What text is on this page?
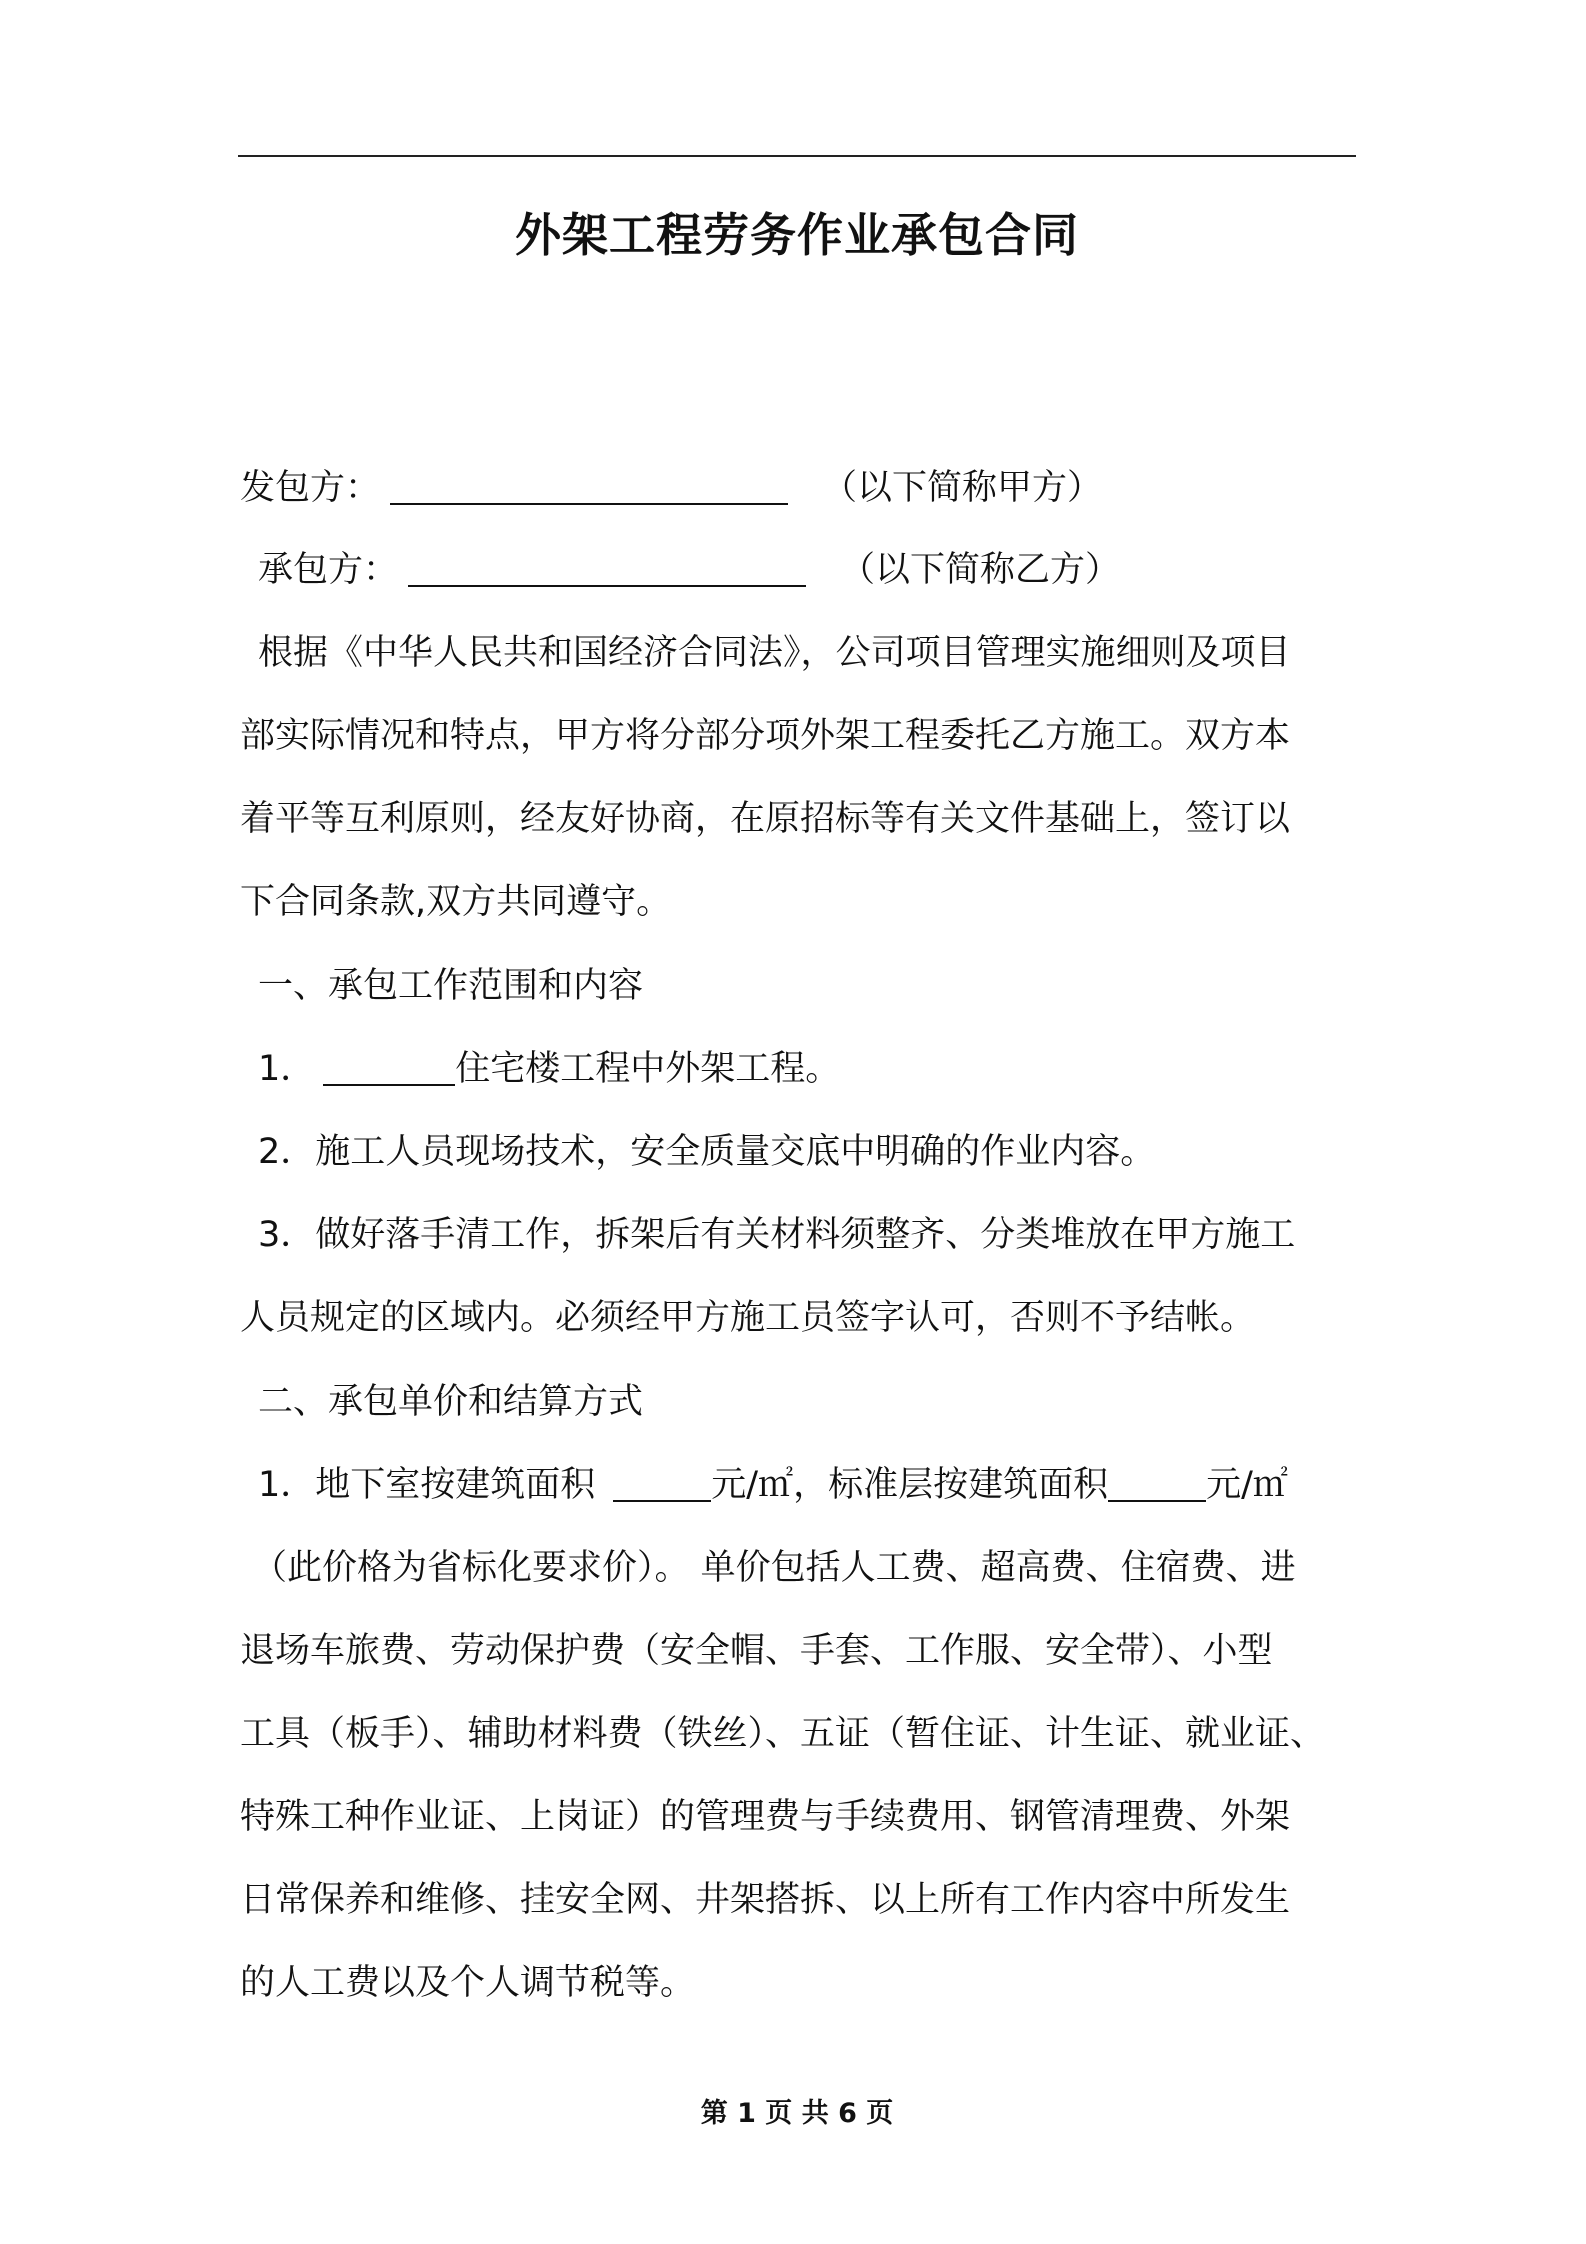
外架工程劳务作业承包合同
发包方：	（以下简称甲方）
承包方：	（以下简称乙方）
根据《中华人民共和国经济合同法》，公司项目管理实施细则及项目
部实际情况和特点，甲方将分部分项外架工程委托乙方施工。双方本
着平等互利原则，经友好协商，在原招标等有关文件基础上，签订以
下合同条款,双方共同遵守。
一、承包工作范围和内容
1．	住宅楼工程中外架工程。
2．施工人员现场技术，安全质量交底中明确的作业内容。
3．做好落手清工作，拆架后有关材料须整齐、分类堆放在甲方施工
人员规定的区域内。必须经甲方施工员签字认可，否则不予结帐。
二、承包单价和结算方式
1．地下室按建筑面积	元/㎡，标准层按建筑面积	元/㎡
（此价格为省标化要求价）。 单价包括人工费、超高费、住宿费、进
退场车旅费、劳动保护费（安全帽、手套、工作服、安全带）、小型
工具（板手）、辅助材料费（铁丝）、五证（暂住证、计生证、就业证、
特殊工种作业证、上岗证）的管理费与手续费用、钢管清理费、外架
日常保养和维修、挂安全网、井架搭拆、以上所有工作内容中所发生
的人工费以及个人调节税等。
第 1 页 共 6 页
